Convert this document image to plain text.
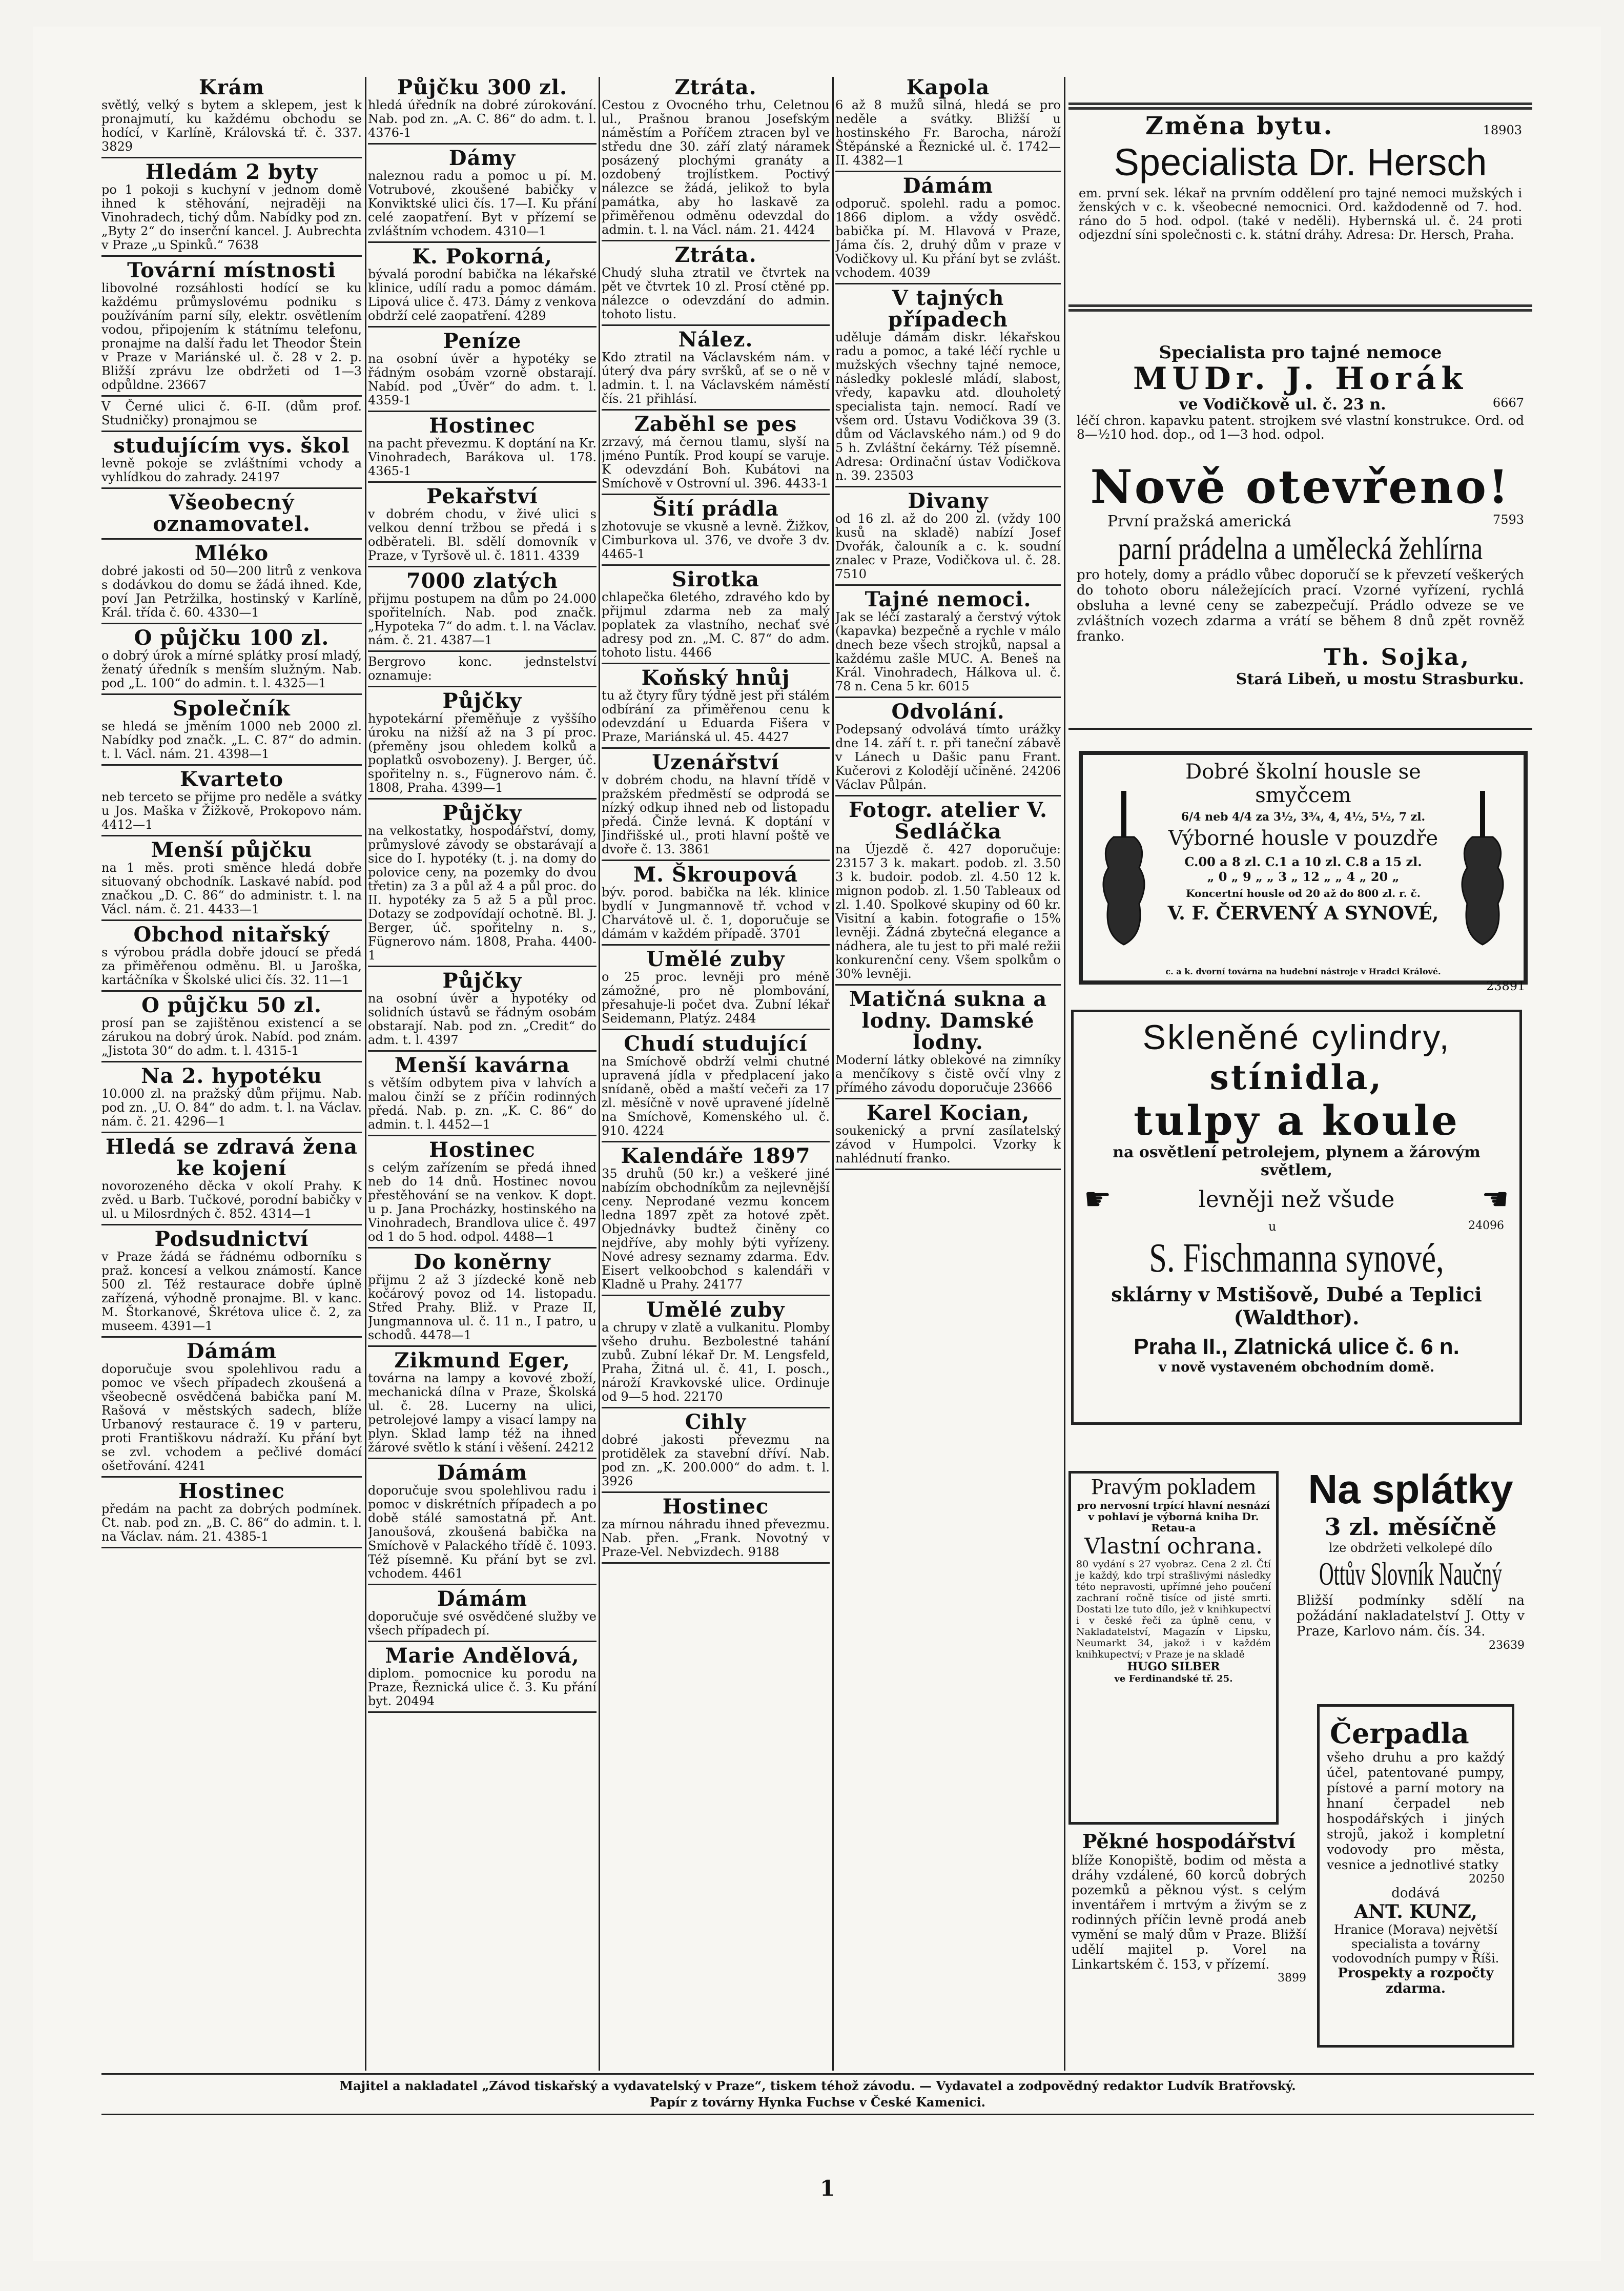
Krám
světlý, velký s bytem a sklepem, jest k pronajmutí, ku každému obchodu se hodící, v Karlíně, Královská tř. č. 337. 3829
Hledám 2 byty
po 1 pokoji s kuchyní v jednom domě ihned k stěhování, nejraději na Vinohradech, tichý dům. Nabídky pod zn. „Byty 2“ do inserční kancel. J. Aubrechta v Praze „u Spinků.“ 7638
Tovární místnosti
libovolné rozsáhlosti hodící se ku každému průmyslovému podniku s používáním parní síly, elektr. osvětlením vodou, připojením k státnímu telefonu, pronajme na další řadu let Theodor Štein v Praze v Mariánské ul. č. 28 v 2. p. Bližší zprávu lze obdržeti od 1—3 odpůldne. 23667
V Černé ulici č. 6-II. (dům prof. Studničky) pronajmou se
studujícím vys. škol
levně pokoje se zvláštními vchody a vyhlídkou do zahrady. 24197
Všeobecný oznamovatel.
Mléko
dobré jakosti od 50—200 litrů z venkova s dodávkou do domu se žádá ihned. Kde, poví Jan Petržilka, hostinský v Karlíně, Král. třída č. 60. 4330—1
O půjčku 100 zl.
o dobrý úrok a mírné splátky prosí mladý, ženatý úředník s menším služným. Nab. pod „L. 100“ do admin. t. l. 4325—1
Společník
se hledá se jměním 1000 neb 2000 zl. Nabídky pod značk. „L. C. 87“ do admin. t. l. Václ. nám. 21. 4398—1
Kvarteto
neb terceto se přijme pro neděle a svátky u Jos. Maška v Žižkově, Prokopovo nám. 4412—1
Menší půjčku
na 1 měs. proti směnce hledá dobře situovaný obchodník. Laskavé nabíd. pod značkou „D. C. 86“ do administr. t. l. na Václ. nám. č. 21. 4433—1
Obchod nitařský
s výrobou prádla dobře jdoucí se předá za přiměřenou odměnu. Bl. u Jaroška, kartáčníka v Školské ulici čís. 32. 11—1
O půjčku 50 zl.
prosí pan se zajištěnou existencí a se zárukou na dobrý úrok. Nabíd. pod znám. „Jistota 30“ do adm. t. l. 4315-1
Na 2. hypotéku
10.000 zl. na pražský dům přijmu. Nab. pod zn. „U. O. 84“ do adm. t. l. na Václav. nám. č. 21. 4296—1
Hledá se zdravá žena ke kojení
novorozeného děcka v okolí Prahy. K zvěd. u Barb. Tučkové, porodní babičky v ul. u Milosrdných č. 852. 4314—1
Podsudnictví
v Praze žádá se řádnému odborníku s praž. koncesí a velkou známostí. Kance 500 zl. Též restaurace dobře úplně zařízená, výhodně pronajme. Bl. v kanc. M. Štorkanové, Škrétova ulice č. 2, za museem. 4391—1
Dámám
doporučuje svou spolehlivou radu a pomoc ve všech případech zkoušená a všeobecně osvědčená babička paní M. Rašová v městských sadech, blíže Urbanový restaurace č. 19 v parteru, proti Františkovu nádraží. Ku přání byt se zvl. vchodem a pečlivé domácí ošetřování. 4241
Hostinec
předám na pacht za dobrých podmínek. Ct. nab. pod zn. „B. C. 86“ do admin. t. l. na Václav. nám. 21. 4385-1
Půjčku 300 zl.
hledá úředník na dobré zúrokování. Nab. pod zn. „A. C. 86“ do adm. t. l. 4376-1
Dámy
naleznou radu a pomoc u pí. M. Votrubové, zkoušené babičky v Konviktské ulici čís. 17—I. Ku přání celé zaopatření. Byt v přízemí se zvláštním vchodem. 4310—1
K. Pokorná,
bývalá porodní babička na lékařské klinice, udílí radu a pomoc dámám. Lipová ulice č. 473. Dámy z venkova obdrží celé zaopatření. 4289
Peníze
na osobní úvěr a hypotéky se řádným osobám vzorně obstarají. Nabíd. pod „Úvěr“ do adm. t. l. 4359-1
Hostinec
na pacht převezmu. K doptání na Kr. Vinohradech, Barákova ul. 178. 4365-1
Pekařství
v dobrém chodu, v živé ulici s velkou denní tržbou se předá i s odběrateli. Bl. sdělí domovník v Praze, v Tyršově ul. č. 1811. 4339
7000 zlatých
přijmu postupem na dům po 24.000 spořitelních. Nab. pod značk. „Hypoteka 7“ do adm. t. l. na Václav. nám. č. 21. 4387—1
Bergrovo konc. jednstelství oznamuje:
Půjčky
hypotekární přeměňuje z vyššího úroku na nižší až na 3 pí proc. (přeměny jsou ohledem kolků a poplatků osvobozeny). J. Berger, úč. spořitelny n. s., Fügnerovo nám. č. 1808, Praha. 4399—1
Půjčky
na velkostatky, hospodářství, domy, průmyslové závody se obstarávají a sice do I. hypotéky (t. j. na domy do polovice ceny, na pozemky do dvou třetin) za 3 a půl až 4 a půl proc. do II. hypotéky za 5 až 5 a půl proc. Dotazy se zodpovídají ochotně. Bl. J. Berger, úč. spořitelny n. s., Fügnerovo nám. 1808, Praha. 4400-1
Půjčky
na osobní úvěr a hypotéky od solidních ústavů se řádným osobám obstarají. Nab. pod zn. „Credit“ do adm. t. l. 4397
Menší kavárna
s větším odbytem piva v lahvích a malou činží se z příčin rodinných předá. Nab. p. zn. „K. C. 86“ do admin. t. l. 4452—1
Hostinec
s celým zařízením se předá ihned neb do 14 dnů. Hostinec novou přestěhování se na venkov. K dopt. u p. Jana Procházky, hostinského na Vinohradech, Brandlova ulice č. 497 od 1 do 5 hod. odpol. 4488—1
Do koněrny
přijmu 2 až 3 jízdecké koně neb kočárový povoz od 14. listopadu. Střed Prahy. Bliž. v Praze II, Jungmannova ul. č. 11 n., I patro, u schodů. 4478—1
Zikmund Eger,
továrna na lampy a kovové zboží, mechanická dílna v Praze, Školská ul. č. 28. Lucerny na ulici, petrolejové lampy a visací lampy na plyn. Sklad lamp též na ihned žárové světlo k stání i věšení. 24212
Dámám
doporučuje svou spolehlivou radu i pomoc v diskrétních případech a po době stálé samostatná př. Ant. Janoušová, zkoušená babička na Smíchově v Palackého třídě č. 1093. Též písemně. Ku přání byt se zvl. vchodem. 4461
Dámám
doporučuje své osvědčené služby ve všech případech pí.
Marie Andělová,
diplom. pomocnice ku porodu na Praze, Řeznická ulice č. 3. Ku přání byt. 20494
Ztráta.
Cestou z Ovocného trhu, Celetnou ul., Prašnou branou Josefským náměstím a Poříčem ztracen byl ve středu dne 30. září zlatý náramek posázený plochými granáty a ozdobený trojlístkem. Poctivý nálezce se žádá, jelikož to byla památka, aby ho laskavě za přiměřenou odměnu odevzdal do admin. t. l. na Václ. nám. 21. 4424
Ztráta.
Chudý sluha ztratil ve čtvrtek na pět ve čtvrtek 10 zl. Prosí ctěné pp. nálezce o odevzdání do admin. tohoto listu.
Nález.
Kdo ztratil na Václavském nám. v úterý dva páry svršků, ať se o ně v admin. t. l. na Václavském náměstí čís. 21 přihlásí.
Zaběhl se pes
zrzavý, má černou tlamu, slyší na jméno Puntík. Prod koupí se varuje. K odevzdání Boh. Kubátovi na Smíchově v Ostrovní ul. 396. 4433-1
Šití prádla
zhotovuje se vkusně a levně. Žižkov, Cimburkova ul. 376, ve dvoře 3 dv. 4465-1
Sirotka
chlapečka 6letého, zdravého kdo by přijmul zdarma neb za malý poplatek za vlastního, nechať své adresy pod zn. „M. C. 87“ do adm. tohoto listu. 4466
Koňský hnůj
tu až čtyry fůry týdně jest při stálém odbírání za přiměřenou cenu k odevzdání u Eduarda Fišera v Praze, Mariánská ul. 45. 4427
Uzenářství
v dobrém chodu, na hlavní třídě v pražském předměstí se odprodá se nízký odkup ihned neb od listopadu předá. Činže levná. K doptání v Jindřišské ul., proti hlavní poště ve dvoře č. 13. 3861
M. Škroupová
býv. porod. babička na lék. klinice bydlí v Jungmannově tř. vchod v Charvátově ul. č. 1, doporučuje se dámám v každém případě. 3701
Umělé zuby
o 25 proc. levněji pro méně zámožné, pro ně plombování, přesahuje-li počet dva. Zubní lékař Seidemann, Platýz. 2484
Chudí studující
na Smíchově obdrží velmi chutné upravená jídla v předplacení jako snídaně, oběd a maští večeři za 17 zl. měsíčně v nově upravené jídelně na Smíchově, Komenského ul. č. 910. 4224
Kalendáře 1897
35 druhů (50 kr.) a veškeré jiné nabízím obchodníkům za nejlevnější ceny. Neprodané vezmu koncem ledna 1897 zpět za hotové zpět. Objednávky budtež činěny co nejdříve, aby mohly býti vyřízeny. Nové adresy seznamy zdarma. Edv. Eisert velkoobchod s kalendáři v Kladně u Prahy. 24177
Umělé zuby
a chrupy v zlatě a vulkanitu. Plomby všeho druhu. Bezbolestné tahání zubů. Zubní lékař Dr. M. Lengsfeld, Praha, Žitná ul. č. 41, I. posch., nároží Kravkovské ulice. Ordinuje od 9—5 hod. 22170
Cihly
dobré jakosti převezmu na protidělek za stavební dříví. Nab. pod zn. „K. 200.000“ do adm. t. l. 3926
Hostinec
za mírnou náhradu ihned převezmu. Nab. přen. „Frank. Novotný v Praze-Vel. Nebvizdech. 9188
Kapola
6 až 8 mužů silná, hledá se pro neděle a svátky. Bližší u hostinského Fr. Barocha, nároží Štěpánské a Řeznické ul. č. 1742—II. 4382—1
Dámám
odporuč. spolehl. radu a pomoc. 1866 diplom. a vždy osvědč. babička pí. M. Hlavová v Praze, Jáma čís. 2, druhý dům v praze v Vodičkovy ul. Ku přání byt se zvlášt. vchodem. 4039
V tajných případech
uděluje dámám diskr. lékařskou radu a pomoc, a také léčí rychle u mužských všechny tajné nemoce, následky pokleslé mládí, slabost, vředy, kapavku atd. dlouholetý specialista tajn. nemocí. Radí ve všem ord. Ústavu Vodičkova 39 (3. dům od Václavského nám.) od 9 do 5 h. Zvláštní čekárny. Též písemně. Adresa: Ordinační ústav Vodičkova n. 39. 23503
Divany
od 16 zl. až do 200 zl. (vždy 100 kusů na skladě) nabízí Josef Dvořák, čalouník a c. k. soudní znalec v Praze, Vodičkova ul. č. 28. 7510
Tajné nemoci.
Jak se léčí zastaralý a čerstvý výtok (kapavka) bezpečně a rychle v málo dnech beze všech strojků, napsal a každému zašle MUC. A. Beneš na Král. Vinohradech, Hálkova ul. č. 78 n. Cena 5 kr. 6015
Odvolání.
Podepsaný odvolává tímto urážky dne 14. září t. r. při taneční zábavě v Lánech u Dašic panu Frant. Kučerovi z Kolodějí učiněné. 24206 Václav Půlpán.
Fotogr. atelier V. Sedláčka
na Újezdě č. 427 doporučuje: 23157 3 k. makart. podob. zl. 3.50 3 k. budoir. podob. zl. 4.50 12 k. mignon podob. zl. 1.50 Tableaux od zl. 1.40. Spolkové skupiny od 60 kr. Visitní a kabin. fotografie o 15% levněji. Žádná zbytečná elegance a nádhera, ale tu jest to při malé režii konkurenční ceny. Všem spolkům o 30% levněji.
Matičná sukna a lodny. Damské lodny.
Moderní látky oblekové na zimníky a menčíkovy s čistě ovčí vlny z přímého závodu doporučuje 23666
Karel Kocian,
soukenický a první zasílatelský závod v Humpolci. Vzorky k nahlédnutí franko.
Změna bytu.	18903
Specialista Dr. Hersch
em. první sek. lékař na prvním oddělení pro tajné nemoci mužských i ženských v c. k. všeobecné nemocnici. Ord. každodenně od 7. hod. ráno do 5 hod. odpol. (také v neděli). Hybernská ul. č. 24 proti odjezdní síni společnosti c. k. státní dráhy. Adresa: Dr. Hersch, Praha.
Specialista pro tajné nemoce
MUDr. J. Horák
ve Vodičkově ul. č. 23 n.	6667
léčí chron. kapavku patent. strojkem své vlastní konstrukce. Ord. od 8—½10 hod. dop., od 1—3 hod. odpol.
Nově otevřeno!
První pražská americká	7593
parní prádelna a umělecká žehlírna
pro hotely, domy a prádlo vůbec doporučí se k převzetí veškerých do tohoto oboru náležejících prací. Vzorné vyřízení, rychlá obsluha a levné ceny se zabezpečují. Prádlo odveze se ve zvláštních vozech zdarma a vrátí se během 8 dnů zpět rovněž franko.
Th. Sojka,
Stará Libeň, u mostu Strasburku.
Dobré školní housle se smyčcem
6/4 neb 4/4 za 3½, 3¾, 4, 4½, 5½, 7 zl.
Výborné housle v pouzdře
C.00 a 8 zl. C.1 a 10 zl. C.8 a 15 zl.
„ 0 „ 9 „ „ 3 „ 12 „ „ 4 „ 20 „
Koncertní housle od 20 až do 800 zl. r. č.
V. F. ČERVENÝ A SYNOVÉ,
c. a k. dvorní továrna na hudební nástroje v Hradci Králové.
23891
Skleněné cylindry,
stínidla,
tulpy a koule
na osvětlení petrolejem, plynem a žárovým světlem,
☛	levněji než všude	☛
u	24096
S. Fischmanna synové,
sklárny v Mstišově, Dubé a Teplici (Waldthor).
Praha II., Zlatnická ulice č. 6 n.
v nově vystaveném obchodním domě.
Pravým pokladem
pro nervosní trpící hlavní nesnází v pohlaví je výborná kniha Dr. Retau-a
Vlastní ochrana.
80 vydání s 27 vyobraz. Cena 2 zl. Čtí je každý, kdo trpí strašlivými následky této nepravosti, upřímné jeho poučení zachraní ročně tisíce od jisté smrti. Dostati lze tuto dílo, jež v knihkupectví i v české řeči za úplně cenu, v Nakladatelství, Magazín v Lipsku, Neumarkt 34, jakož i v každém knihkupectví; v Praze je na skladě
HUGO SILBER
ve Ferdinandské tř. 25.
Na splátky
3 zl. měsíčně
lze obdržeti velkolepé dílo
Ottův Slovník Naučný
Bližší podmínky sdělí na požádání nakladatelství J. Otty v Praze, Karlovo nám. čís. 34.
23639
Čerpadla
všeho druhu a pro každý účel, patentované pumpy, pístové a parní motory na hnaní čerpadel neb hospodářských i jiných strojů, jakož i kompletní vodovody pro města, vesnice a jednotlivé statky
20250
dodává
ANT. KUNZ,
Hranice (Morava) největší specialista a továrny vodovodních pumpy v Říši.
Prospekty a rozpočty zdarma.
Pěkné hospodářství
blíže Konopiště, bodim od města a dráhy vzdálené, 60 korců dobrých pozemků a pěknou výst. s celým inventářem i mrtvým a živým se z rodinných příčin levně prodá aneb vymění se malý dům v Praze. Bližší udělí majitel p. Vorel na Linkartském č. 153, v přízemí.
3899
Majitel a nakladatel „Závod tiskařský a vydavatelský v Praze“, tiskem téhož závodu. — Vydavatel a zodpovědný redaktor Ludvík Bratřovský.
Papír z továrny Hynka Fuchse v České Kamenici.
1
